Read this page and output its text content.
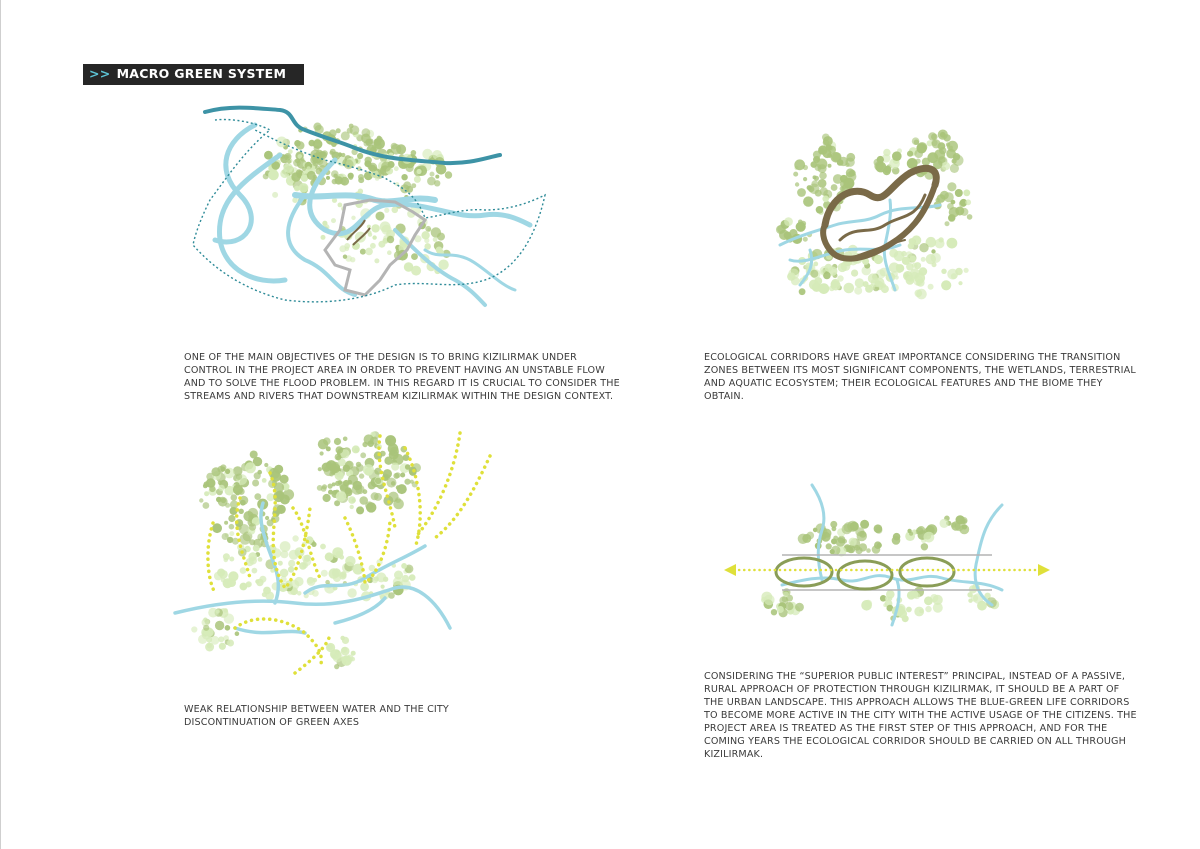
>> MACRO GREEN SYSTEM

ONE OF THE MAIN OBJECTIVES OF THE DESIGN IS TO BRING KIZILIRMAK UNDER

CONTROL IN THE PROJECT AREA IN ORDER TO PREVENT HAVING AN UNSTABLE FLOW

AND TO SOLVE THE FLOOD PROBLEM. IN THIS REGARD IT IS CRUCIAL TO CONSIDER THE

STREAMS AND RIVERS THAT DOWNSTREAM KIZILIRMAK WITHIN THE DESIGN CONTEXT.

ECOLOGICAL CORRIDORS HAVE GREAT IMPORTANCE CONSIDERING THE TRANSITION

ZONES BETWEEN ITS MOST SIGNIFICANT COMPONENTS, THE WETLANDS, TERRESTRIAL

AND AQUATIC ECOSYSTEM; THEIR ECOLOGICAL FEATURES AND THE BIOME THEY

OBTAIN.

WEAK RELATIONSHIP BETWEEN WATER AND THE CITY

DISCONTINUATION OF GREEN AXES

CONSIDERING THE “SUPERIOR PUBLIC INTEREST” PRINCIPAL, INSTEAD OF A PASSIVE,

RURAL APPROACH OF PROTECTION THROUGH KIZILIRMAK, IT SHOULD BE A PART OF

THE URBAN LANDSCAPE. THIS APPROACH ALLOWS THE BLUE-GREEN LIFE CORRIDORS

TO BECOME MORE ACTIVE IN THE CITY WITH THE ACTIVE USAGE OF THE CITIZENS. THE

PROJECT AREA IS TREATED AS THE FIRST STEP OF THIS APPROACH, AND FOR THE

COMING YEARS THE ECOLOGICAL CORRIDOR SHOULD BE CARRIED ON ALL THROUGH

KIZILIRMAK.
